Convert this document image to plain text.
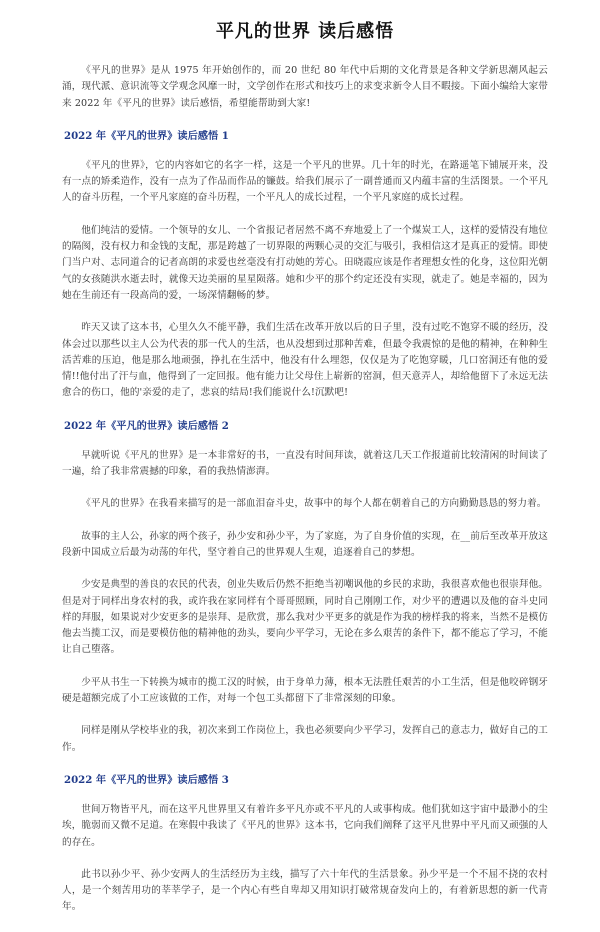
平凡的世界 读后感悟

《平凡的世界》是从 1975 年开始创作的，而 20 世纪 80 年代中后期的文化背景是各种文学新思潮风起云涌，现代派、意识流等文学观念风靡一时，文学创作在形式和技巧上的求变求新令人目不暇接。下面小编给大家带来 2022 年《平凡的世界》读后感悟，希望能帮助到大家!

2022 年《平凡的世界》读后感悟 1

《平凡的世界》，它的内容如它的名字一样，这是一个平凡的世界。几十年的时光，在路遥笔下铺展开来，没有一点的矫柔造作，没有一点为了作品而作品的镰鼓。给我们展示了一副普通而又内蕴丰富的生活图景。一个平凡人的奋斗历程，一个平凡家庭的奋斗历程，一个平凡人的成长过程，一个平凡家庭的成长过程。

他们纯洁的爱情。一个领导的女儿、一个省报记者居然不离不弃地爱上了一个煤炭工人，这样的爱情没有地位的隔阂，没有权力和金钱的支配，那是跨越了一切界限的两颗心灵的交汇与吸引，我相信这才是真正的爱情。即使门当户对、志同道合的记者高朗的求爱也丝毫没有打动她的芳心。田晓霞应该是作者理想女性的化身，这位阳光朝气的女孩随洪水逝去时，就像天边美丽的星星陨落。她和少平的那个约定还没有实现，就走了。她是幸福的，因为她在生前还有一段高尚的爱，一场深情翻畅的梦。

昨天又读了这本书，心里久久不能平静，我们生活在改革开放以后的日子里，没有过吃不饱穿不暖的经历，没体会过以那些以主人公为代表的那一代人的生活，也从没想到过那种苦难，但最令我震惊的是他的精神，在种种生活苦难的压迫，他是那么地顽强，挣扎在生活中，他没有什么埋怨，仅仅是为了吃饱穿暖，几口窑洞还有他的爱情!!他付出了汗与血，他得到了一定回报。他有能力让父母住上崭新的窑洞，但天意弄人，却给他留下了永远无法愈合的伤口，他的'亲爱的走了，悲哀的结局!我们能说什么!沉默吧!

2022 年《平凡的世界》读后感悟 2

早就听说《平凡的世界》是一本非常好的书，一直没有时间拜读，就着这几天工作报道前比较清闲的时间读了一遍，给了我非常震撼的印象，看的我热情澎湃。

《平凡的世界》在我看来描写的是一部血泪奋斗史，故事中的每个人都在朝着自己的方向勤勤恳恳的努力着。

故事的主人公，孙家的两个孩子，孙少安和孙少平，为了家庭，为了自身价值的实现，在__前后至改革开放这段新中国成立后最为动荡的年代，坚守着自己的世界观人生观，追逐着自己的梦想。

少安是典型的善良的农民的代表，创业失败后仍然不拒绝当初嘲讽他的乡民的求助，我很喜欢他也很崇拜他。但是对于同样出身农村的我，或许我在家同样有个哥哥照顾，同时自己刚刚工作，对少平的遭遇以及他的奋斗史同样的拜服，如果说对少安更多的是崇拜、是欣赏，那么我对少平更多的就是作为我的榜样我的将来，当然不是模仿他去当揽工汉，而是要模仿他的精神他的劲头，要向少平学习，无论在多么艰苦的条件下，都不能忘了学习，不能让自己堕落。

少平从书生一下转换为城市的揽工汉的时候，由于身单力薄，根本无法胜任艰苦的小工生活，但是他咬碎钢牙硬是超额完成了小工应该做的工作，对每一个包工头都留下了非常深刻的印象。

同样是刚从学校毕业的我，初次来到工作岗位上，我也必须要向少平学习，发挥自己的意志力，做好自己的工作。

2022 年《平凡的世界》读后感悟 3

世间万物皆平凡，而在这平凡世界里又有着许多平凡亦或不平凡的人或事构成。他们犹如这宇宙中最渺小的尘埃，脆弱而又微不足道。在寒假中我读了《平凡的世界》这本书，它向我们阐释了这平凡世界中平凡而又顽强的人的存在。

此书以孙少平、孙少安两人的生活经历为主线，描写了六十年代的生活景象。孙少平是一个不屈不挠的农村人，是一个刻苦用功的莘莘学子，是一个内心有些自卑却又用知识打破常规奋发向上的，有着新思想的新一代青年。
